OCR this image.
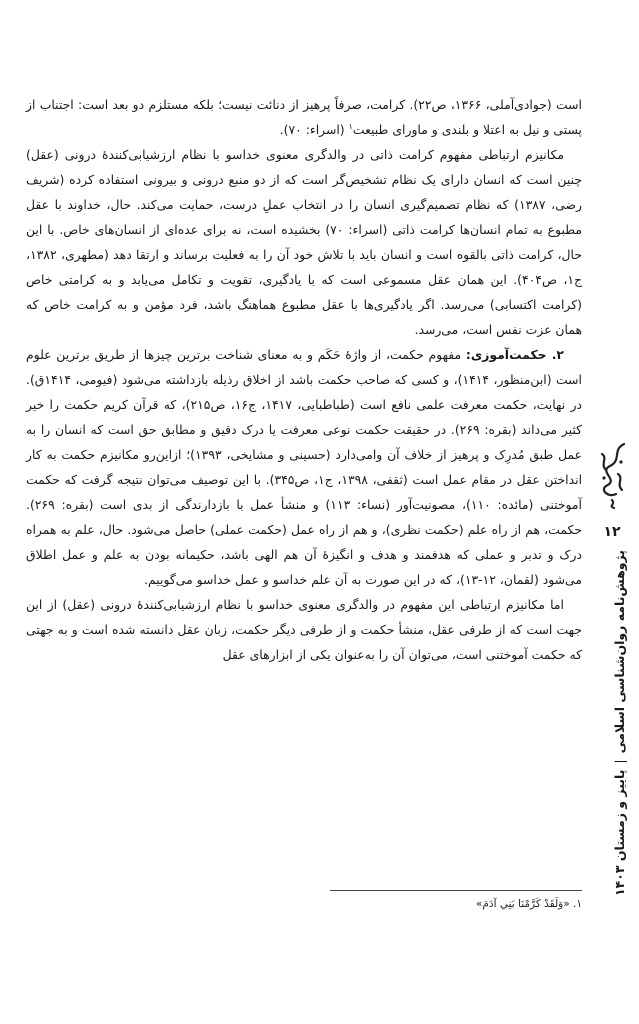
است (جوادی‌آملی، ۱۳۶۶، ص۲۲). کرامت، صرفاً پرهیز از دنائت نیست؛ بلکه مستلزم دو بعد است: اجتناب از پستی و نیل به اعتلا و بلندی و ماورای طبیعت$^۱$ (اسراء: ۷۰).

مکانیزم ارتباطی مفهوم کرامت ذاتی در والدگری معنوی خداسو با نظام ارزشیابی‌کنندهٔ درونی (عقل) چنین است که انسان دارای یک نظام تشخیص‌گر است که از دو منبع درونی و بیرونی استفاده کرده (شریف رضی، ۱۳۸۷) که نظام تصمیم‌گیری انسان را در انتخاب عملِ درست، حمایت می‌کند. حال، خداوند با عقل مطبوع به تمام انسان‌ها کرامت ذاتی (اسراء: ۷۰) بخشیده است، نه برای عده‌ای از انسان‌های خاص. با این حال، کرامت ذاتی بالقوه است و انسان باید با تلاش خود آن را به فعلیت برساند و ارتقا دهد (مطهری، ۱۳۸۲، ج۱، ص۴۰۴). این همان عقل مسموعی است که با یادگیری، تقویت و تکامل می‌یابد و به کرامتی خاص (کرامت اکتسابی) می‌رسد. اگر یادگیری‌ها با عقل مطبوع هماهنگ باشد، فرد مؤمن و به کرامت خاص که همان عزت نفس است، می‌رسد.

۲. حکمت‌آموزی: مفهوم حکمت، از واژهٔ حَکَم و به معنای شناخت برترین چیزها از طریق برترین علوم است (ابن‌منظور، ۱۴۱۴)، و کسی که صاحب حکمت باشد از اخلاق رذیله بازداشته می‌شود (فیومی، ۱۴۱۴ق). در نهایت، حکمت معرفت علمی نافع است (طباطبایی، ۱۴۱۷، ج۱۶، ص۲۱۵)، که قرآن کریم حکمت را خیر کثیر می‌داند (بقره: ۲۶۹). در حقیقت حکمت نوعی معرفت یا درک دقیق و مطابق حق است که انسان را به عمل طبق مُدرِک و پرهیز از خلاف آن وامی‌دارد (حسینی و مشایخی، ۱۳۹۳)؛ ازاین‌رو مکانیزم حکمت به کار انداختن عقل در مقام عمل است (ثقفی، ۱۳۹۸، ج۱، ص۳۴۵). با این توصیف می‌توان نتیجه گرفت که حکمت آموختنی (مائده: ۱۱۰)، مصونیت‌آور (نساء: ۱۱۳) و منشأ عمل با بازدارندگی از بدی است (بقره: ۲۶۹). حکمت، هم از راه علم (حکمت نظری)، و هم از راه عمل (حکمت عملی) حاصل می‌شود. حال، علم به همراه درک و تدبر و عملی که هدفمند و هدف و انگیزهٔ آن هم الهی باشد، حکیمانه بودن به علم و عمل اطلاق می‌شود (لقمان، ۱۲-۱۳)، که در این صورت به آن علم خداسو و عمل خداسو می‌گوییم.

اما مکانیزم ارتباطی این مفهوم در والدگری معنوی خداسو با نظام ارزشیابی‌کنندهٔ درونی (عقل) از این جهت است که از طرفی عقل، منشأ حکمت و از طرفی دیگر حکمت، زبان عقل دانسته شده است و به جهتی که حکمت آموختنی است، می‌توان آن را به‌عنوان یکی از ابزارهای عقل

۱. «وَلَقَدْ كَرَّمْنَا بَنِي آدَمَ»
۱۲
پژوهش‌نامه روان‌شناسی اسلامی|پاییز و زمستان ۱۴۰۳
